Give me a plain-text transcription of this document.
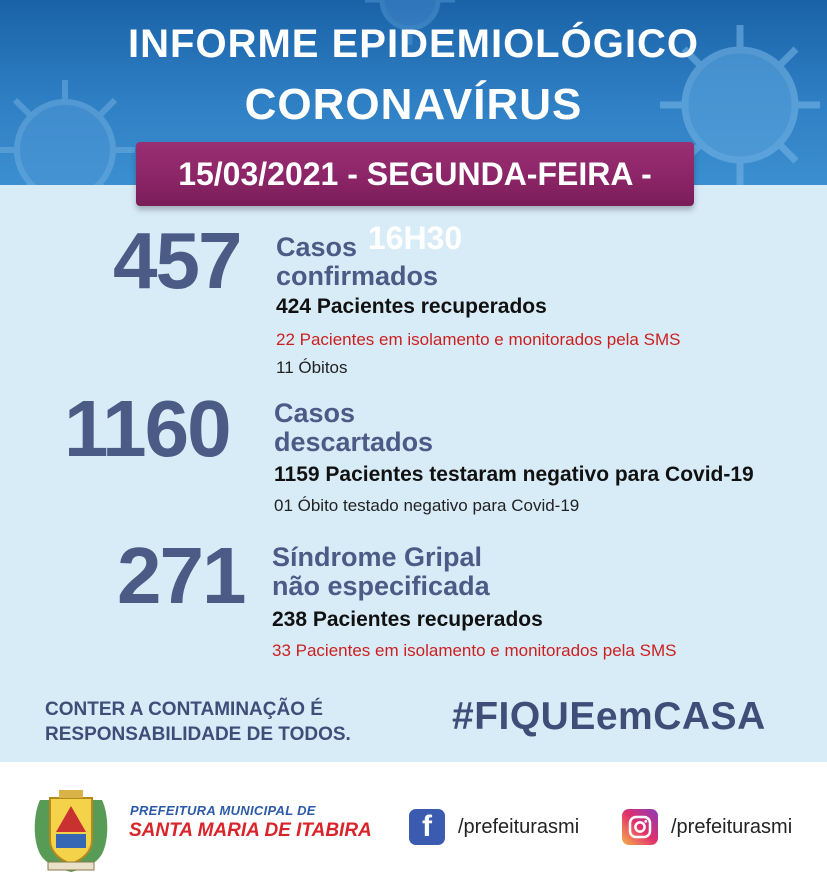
INFORME EPIDEMIOLÓGICO
CORONAVÍRUS
457 Casos
confirmados
424 Pacientes recuperados
22 Pacientes em isolamento e monitorados pela SMS
11 Óbitos
1160 Casos
descartados
1159 Pacientes testaram negativo para Covid-19
01 Óbito testado negativo para Covid-19
271 Síndrome Gripal
não especificada
238 Pacientes recuperados
33 Pacientes em isolamento e monitorados pela SMS
CONTER A CONTAMINAÇÃO É
RESPONSABILIDADE DE TODOS.	#FIQUEemCASA
15/03/2021 - SEGUNDA-FEIRA - 16H30
PREFEITURA MUNICIPAL DE
SANTA MARIA DE ITABIRA	f	/prefeiturasmi	/prefeiturasmi
